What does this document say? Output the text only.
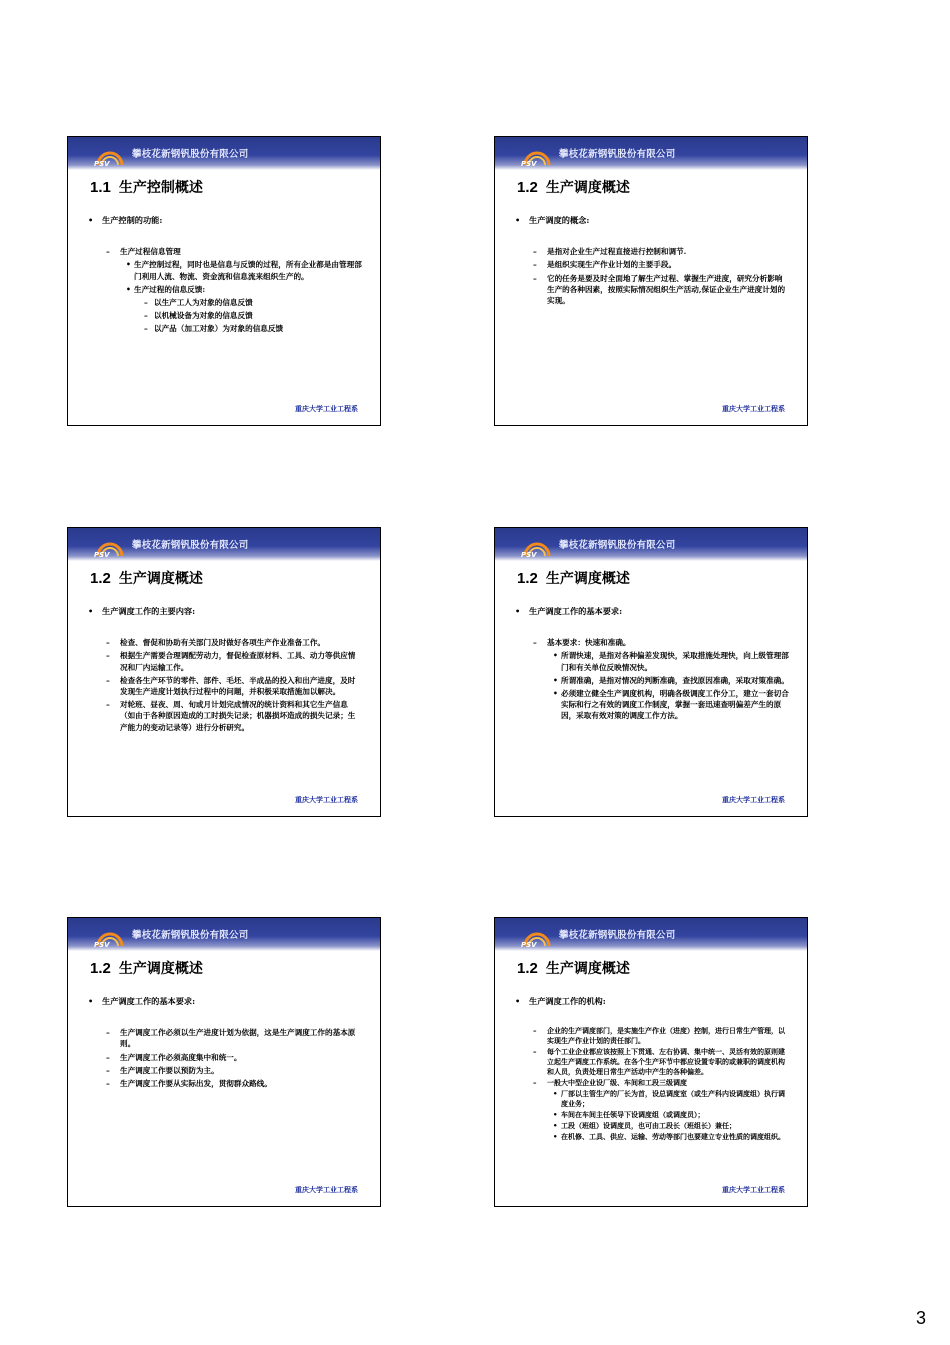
PSV
攀枝花新钢钒股份有限公司
1.1 生产控制概述
• 生产控制的功能:
– 生产过程信息管理
• 生产控制过程，同时也是信息与反馈的过程，所有企业都是由管理部门利用人流、物流、资金流和信息流来组织生产的。
• 生产过程的信息反馈:
– 以生产工人为对象的信息反馈
– 以机械设备为对象的信息反馈
– 以产品（加工对象）为对象的信息反馈
重庆大学工业工程系
PSV
攀枝花新钢钒股份有限公司
1.2 生产调度概述
• 生产调度的概念:
– 是指对企业生产过程直接进行控制和调节.
– 是组织实现生产作业计划的主要手段。
– 它的任务是要及时全面地了解生产过程、掌握生产进度，研究分析影响生产的各种因素，按照实际情况组织生产活动,保证企业生产进度计划的实现。
重庆大学工业工程系
PSV
攀枝花新钢钒股份有限公司
1.2 生产调度概述
• 生产调度工作的主要内容:
– 检查、督促和协助有关部门及时做好各项生产作业准备工作。
– 根据生产需要合理调配劳动力，督促检查原材料、工具、动力等供应情况和厂内运输工作。
– 检查各生产环节的零件、部件、毛坯、半成品的投入和出产进度，及时发现生产进度计划执行过程中的问题，并积极采取措施加以解决。
– 对轮班、昼夜、周、旬或月计划完成情况的统计资料和其它生产信息（如由于各种原因造成的工时损失记录；机器损坏造成的损失记录；生产能力的变动记录等）进行分析研究。
重庆大学工业工程系
PSV
攀枝花新钢钒股份有限公司
1.2 生产调度概述
• 生产调度工作的基本要求:
– 基本要求：快速和准确。
• 所谓快速，是指对各种偏差发现快，采取措施处理快，向上级管理部门和有关单位反映情况快。
• 所谓准确，是指对情况的判断准确，查找原因准确，采取对策准确。
• 必须建立健全生产调度机构，明确各级调度工作分工，建立一套切合实际和行之有效的调度工作制度，掌握一套迅速查明偏差产生的原因，采取有效对策的调度工作方法。
重庆大学工业工程系
PSV
攀枝花新钢钒股份有限公司
1.2 生产调度概述
• 生产调度工作的基本要求:
– 生产调度工作必须以生产进度计划为依据，这是生产调度工作的基本原则。
– 生产调度工作必须高度集中和统一。
– 生产调度工作要以预防为主。
– 生产调度工作要从实际出发，贯彻群众路线。
重庆大学工业工程系
PSV
攀枝花新钢钒股份有限公司
1.2 生产调度概述
• 生产调度工作的机构:
– 企业的生产调度部门，是实施生产作业（进度）控制，进行日常生产管理，以实现生产作业计划的责任部门。
– 每个工业企业都应该按照上下贯通、左右协调、集中统一、灵活有效的原则建立起生产调度工作系统。在各个生产环节中都应设置专职的或兼职的调度机构和人员，负责处理日常生产活动中产生的各种偏差。
– 一般大中型企业设厂级、车间和工段三级调度
• 厂部以主管生产的厂长为首，设总调度室（或生产科内设调度组）执行调度业务；
• 车间在车间主任领导下设调度组（或调度员）；
• 工段（班组）设调度员，也可由工段长（班组长）兼任；
• 在机修、工具、供应、运输、劳动等部门也要建立专业性质的调度组织。
重庆大学工业工程系
3
